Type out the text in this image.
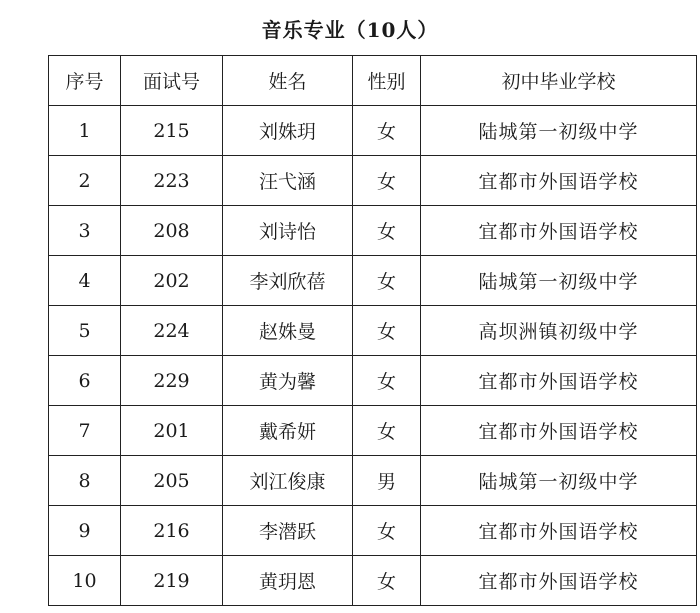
音乐专业（10人）
序号	面试号	姓名	性别	初中毕业学校
1	215	刘姝玥	女	陆城第一初级中学
2	223	汪弋涵	女	宜都市外国语学校
3	208	刘诗怡	女	宜都市外国语学校
4	202	李刘欣蓓	女	陆城第一初级中学
5	224	赵姝曼	女	高坝洲镇初级中学
6	229	黄为馨	女	宜都市外国语学校
7	201	戴希妍	女	宜都市外国语学校
8	205	刘江俊康	男	陆城第一初级中学
9	216	李潜跃	女	宜都市外国语学校
10	219	黄玥恩	女	宜都市外国语学校
